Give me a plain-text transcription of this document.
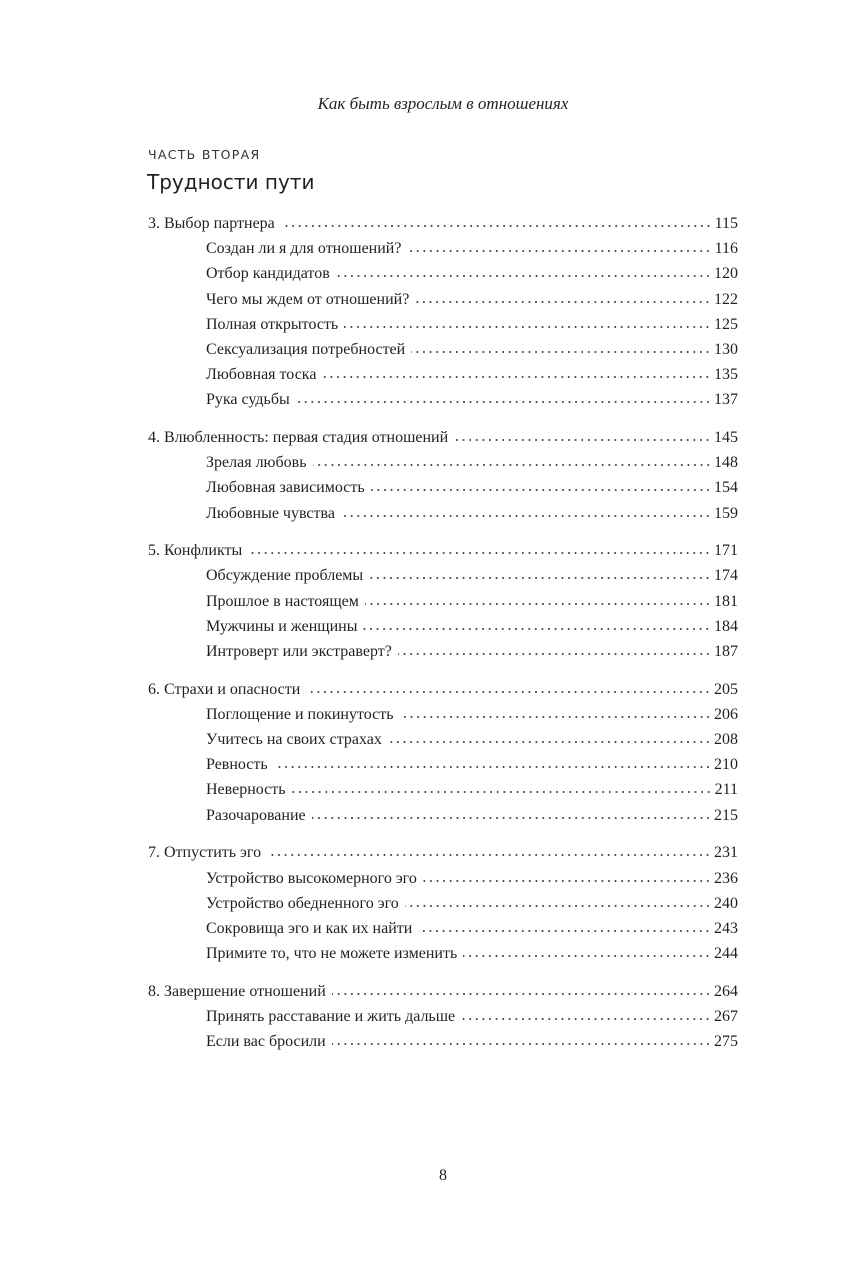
Как быть взрослым в отношениях
ЧАСТЬ ВТОРАЯ
Трудности пути
3. Выбор партнера	115
Создан ли я для отношений?	116
Отбор кандидатов	120
Чего мы ждем от отношений?	122
Полная открытость	125
Сексуализация потребностей	130
Любовная тоска	135
Рука судьбы	137
4. Влюбленность: первая стадия отношений	145
Зрелая любовь	148
Любовная зависимость	154
Любовные чувства	159
5. Конфликты	171
Обсуждение проблемы	174
Прошлое в настоящем	181
Мужчины и женщины	184
Интроверт или экстраверт?	187
6. Страхи и опасности	205
Поглощение и покинутость	206
Учитесь на своих страхах	208
Ревность	210
Неверность	211
Разочарование	215
7. Отпустить эго	231
Устройство высокомерного эго	236
Устройство обедненного эго	240
Сокровища эго и как их найти	243
Примите то, что не можете изменить	244
8. Завершение отношений	264
Принять расставание и жить дальше	267
Если вас бросили	275
8
